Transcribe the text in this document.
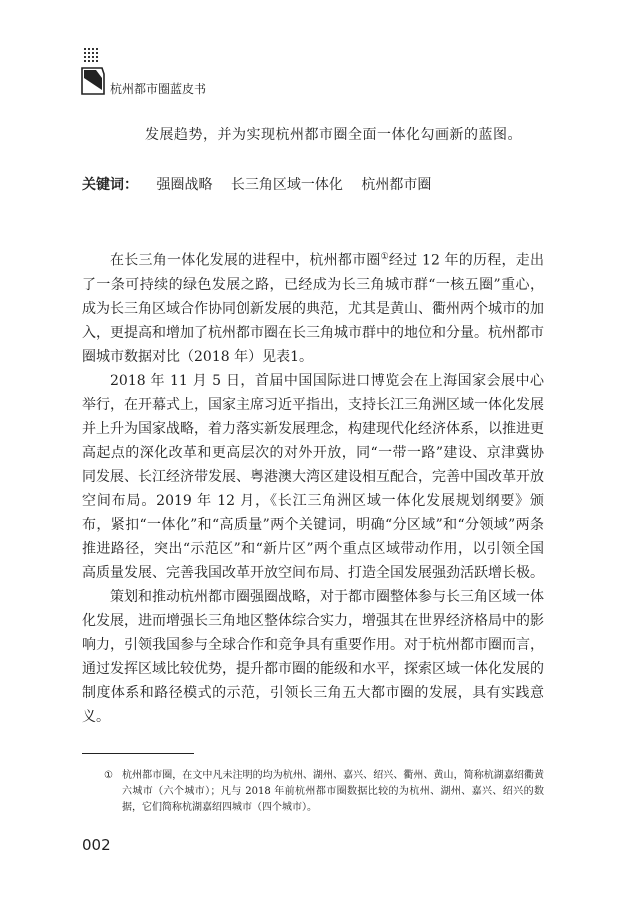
杭州都市圈蓝皮书
发展趋势，并为实现杭州都市圈全面一体化勾画新的蓝图。
关键词： 强圈战略 长三角区域一体化 杭州都市圈

在长三角一体化发展的进程中，杭州都市圈①经过 12 年的历程，走出了一条可持续的绿色发展之路，已经成为长三角城市群“一核五圈”重心，成为长三角区域合作协同创新发展的典范，尤其是黄山、衢州两个城市的加入，更提高和增加了杭州都市圈在长三角城市群中的地位和分量。杭州都市圈城市数据对比（2018 年）见表1。

2018 年 11 月 5 日，首届中国国际进口博览会在上海国家会展中心举行，在开幕式上，国家主席习近平指出，支持长江三角洲区域一体化发展并上升为国家战略，着力落实新发展理念，构建现代化经济体系，以推进更高起点的深化改革和更高层次的对外开放，同“一带一路”建设、京津冀协同发展、长江经济带发展、粤港澳大湾区建设相互配合，完善中国改革开放空间布局。2019 年 12 月，《长江三角洲区域一体化发展规划纲要》颁布，紧扣“一体化”和“高质量”两个关键词，明确“分区域”和“分领域”两条推进路径，突出“示范区”和“新片区”两个重点区域带动作用，以引领全国高质量发展、完善我国改革开放空间布局、打造全国发展强劲活跃增长极。

策划和推动杭州都市圈强圈战略，对于都市圈整体参与长三角区域一体化发展，进而增强长三角地区整体综合实力，增强其在世界经济格局中的影响力，引领我国参与全球合作和竞争具有重要作用。对于杭州都市圈而言，通过发挥区域比较优势，提升都市圈的能级和水平，探索区域一体化发展的制度体系和路径模式的示范，引领长三角五大都市圈的发展，具有实践意义。

① 杭州都市圈，在文中凡未注明的均为杭州、湖州、嘉兴、绍兴、衢州、黄山，简称杭湖嘉绍衢黄六城市（六个城市）；凡与 2018 年前杭州都市圈数据比较的为杭州、湖州、嘉兴、绍兴的数据，它们简称杭湖嘉绍四城市（四个城市）。
002
